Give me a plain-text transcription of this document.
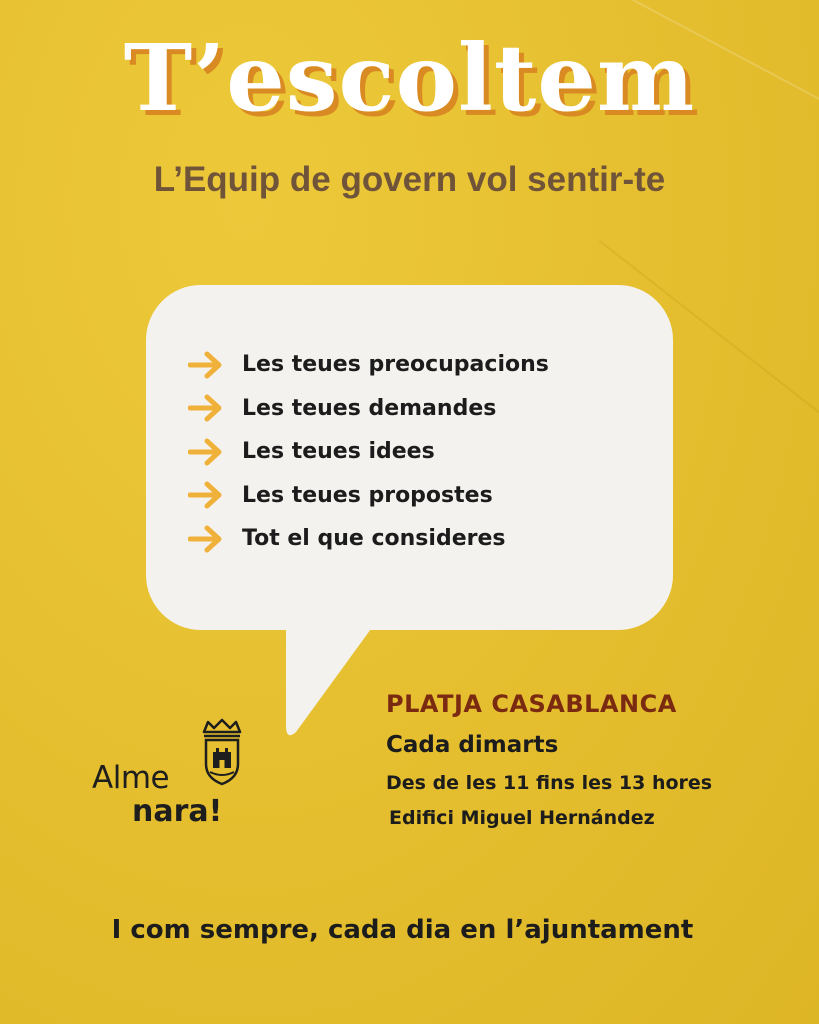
T’escoltem
L’Equip de govern vol sentir-te
Les teues preocupacions
Les teues demandes
Les teues idees
Les teues propostes
Tot el que consideres
Alme
nara!
PLATJA CASABLANCA
Cada dimarts
Des de les 11 fins les 13 hores
Edifici Miguel Hernández
I com sempre, cada dia en l’ajuntament
